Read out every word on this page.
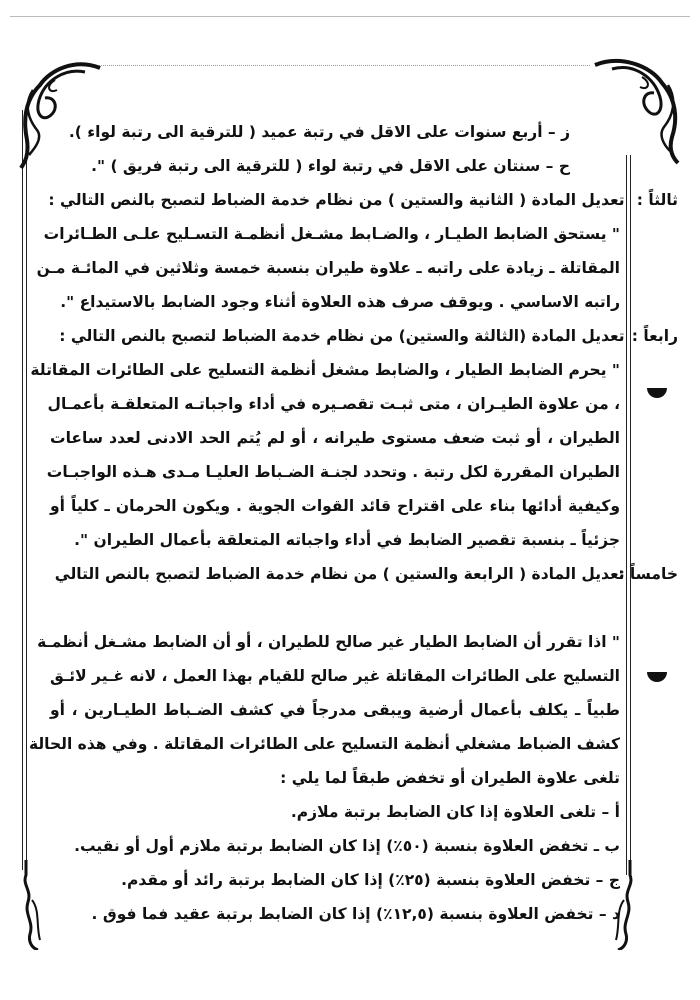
ز – أربع سنوات على الاقل في رتبة عميد ( للترقية الى رتبة لواء ).
ح – سنتان على الاقل في رتبة لواء ( للترقية الى رتبة فريق ) ".
ثالثاً : تعديل المادة ( الثانية والستين ) من نظام خدمة الضباط لتصبح بالنص التالي :
" يستحق الضابط الطيـار ، والضـابط مشـغل أنظمـة التسـليح علـى الطـائرات
المقاتلة ـ زيادة على راتبه ـ علاوة طيران بنسبة خمسة وثلاثين في المائـة مـن
راتبه الاساسي . ويوقف صرف هذه العلاوة أثناء وجود الضابط بالاستيداع ".
رابعاً : تعديل المادة (الثالثة والستين) من نظام خدمة الضباط لتصبح بالنص التالي :
" يحرم الضابط الطيار ، والضابط مشغل أنظمة التسليح على الطائرات المقاتلة
، من علاوة الطيـران ، متى ثبـت تقصـيره في أداء واجباتـه المتعلقـة بأعمـال
الطيران ، أو ثبت ضعف مستوى طيرانه ، أو لم يُتم الحد الادنى لعدد ساعات
الطيران المقررة لكل رتبة . وتحدد لجنـة الضـباط العليـا مـدى هـذه الواجبـات
وكيفية أدائها بناء على اقتراح قائد القوات الجوية . ويكون الحرمان ـ كلياً أو
جزئياً ـ بنسبة تقصير الضابط في أداء واجباته المتعلقة بأعمال الطيران ".
خامساً : تعديل المادة ( الرابعة والستين ) من نظام خدمة الضباط لتصبح بالنص التالي
" اذا تقرر أن الضابط الطيار غير صالح للطيران ، أو أن الضابط مشـغل أنظمـة
التسليح على الطائرات المقاتلة غير صالح للقيام بهذا العمل ، لانه غـير لائـق
طبياً ـ يكلف بأعمال أرضية ويبقى مدرجاً في كشف الضـباط الطيـارين ، أو
كشف الضباط مشغلي أنظمة التسليح على الطائرات المقاتلة . وفي هذه الحالة
تلغى علاوة الطيران أو تخفض طبقاً لما يلي :
أ – تلغى العلاوة إذا كان الضابط برتبة ملازم.
ب ـ تخفض العلاوة بنسبة (٥٠٪) إذا كان الضابط برتبة ملازم أول أو نقيب.
ج – تخفض العلاوة بنسبة (٢٥٪) إذا كان الضابط برتبة رائد أو مقدم.
د – تخفض العلاوة بنسبة (١٢,٥٪) إذا كان الضابط برتبة عقيد فما فوق .
